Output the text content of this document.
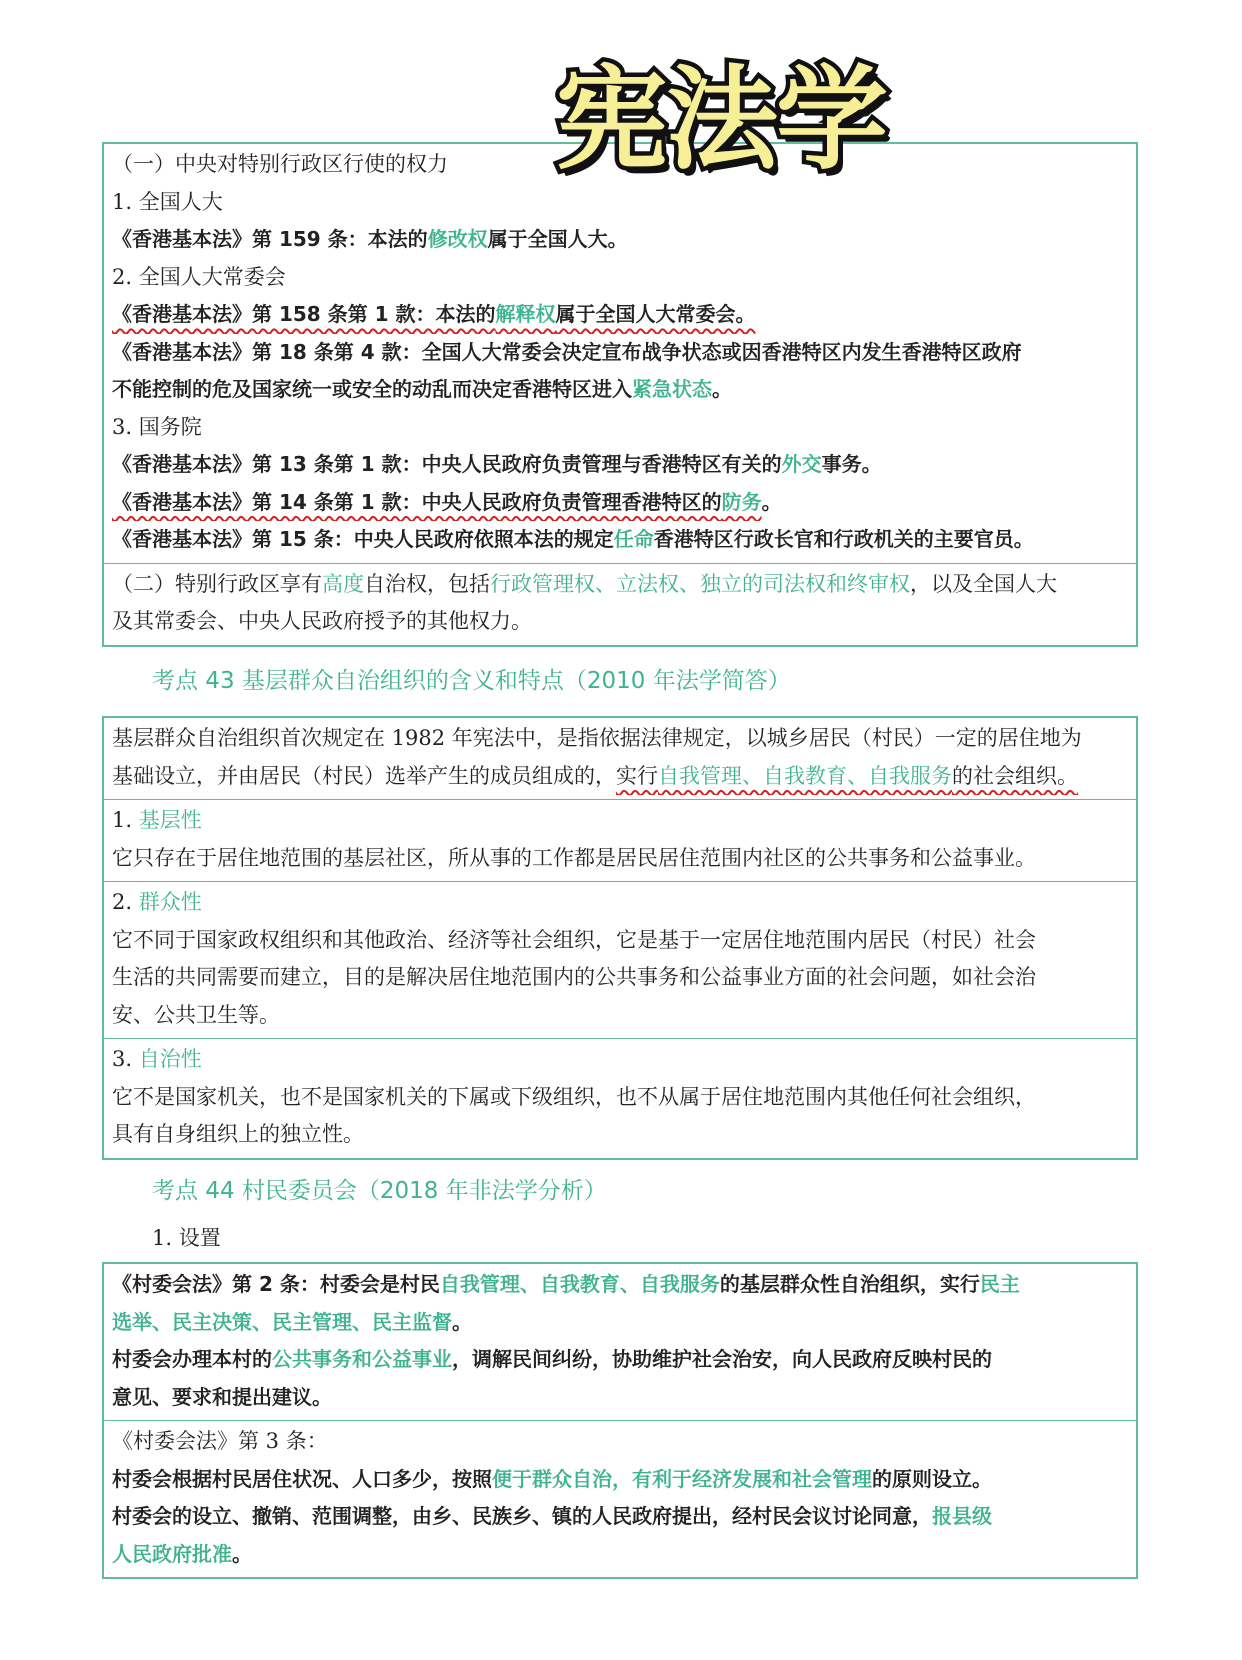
宪法学
（一）中央对特别行政区行使的权力
1. 全国人大
《香港基本法》第 159 条：本法的修改权属于全国人大。
2. 全国人大常委会
《香港基本法》第 158 条第 1 款：本法的解释权属于全国人大常委会。
《香港基本法》第 18 条第 4 款：全国人大常委会决定宣布战争状态或因香港特区内发生香港特区政府
不能控制的危及国家统一或安全的动乱而决定香港特区进入紧急状态。
3. 国务院
《香港基本法》第 13 条第 1 款：中央人民政府负责管理与香港特区有关的外交事务。
《香港基本法》第 14 条第 1 款：中央人民政府负责管理香港特区的防务。
《香港基本法》第 15 条：中央人民政府依照本法的规定任命香港特区行政长官和行政机关的主要官员。
（二）特别行政区享有高度自治权，包括行政管理权、立法权、独立的司法权和终审权，以及全国人大
及其常委会、中央人民政府授予的其他权力。
考点 43 基层群众自治组织的含义和特点（2010 年法学简答）
基层群众自治组织首次规定在 1982 年宪法中，是指依据法律规定，以城乡居民（村民）一定的居住地为
基础设立，并由居民（村民）选举产生的成员组成的，实行自我管理、自我教育、自我服务的社会组织。
1. 基层性
它只存在于居住地范围的基层社区，所从事的工作都是居民居住范围内社区的公共事务和公益事业。
2. 群众性
它不同于国家政权组织和其他政治、经济等社会组织，它是基于一定居住地范围内居民（村民）社会
生活的共同需要而建立，目的是解决居住地范围内的公共事务和公益事业方面的社会问题，如社会治
安、公共卫生等。
3. 自治性
它不是国家机关，也不是国家机关的下属或下级组织，也不从属于居住地范围内其他任何社会组织，
具有自身组织上的独立性。
考点 44 村民委员会（2018 年非法学分析）
1. 设置
《村委会法》第 2 条：村委会是村民自我管理、自我教育、自我服务的基层群众性自治组织，实行民主
选举、民主决策、民主管理、民主监督。
村委会办理本村的公共事务和公益事业，调解民间纠纷，协助维护社会治安，向人民政府反映村民的
意见、要求和提出建议。
《村委会法》第 3 条：
村委会根据村民居住状况、人口多少，按照便于群众自治，有利于经济发展和社会管理的原则设立。
村委会的设立、撤销、范围调整，由乡、民族乡、镇的人民政府提出，经村民会议讨论同意，报县级
人民政府批准。
